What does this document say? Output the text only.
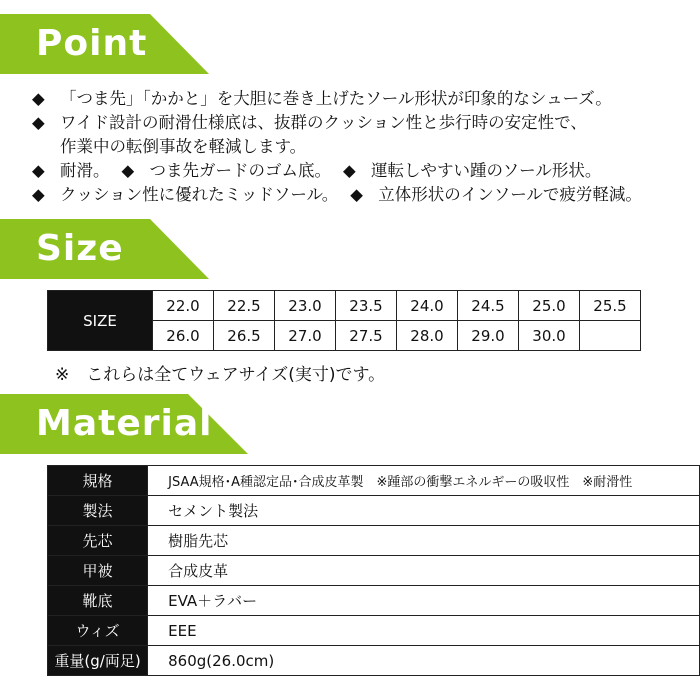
Point
◆ 「つま先」「かかと」を大胆に巻き上げたソール形状が印象的なシューズ。
◆ ワイド設計の耐滑仕様底は、抜群のクッション性と歩行時の安定性で、
作業中の転倒事故を軽減します。
◆ 耐滑。 ◆ つま先ガードのゴム底。 ◆ 運転しやすい踵のソール形状。
◆ クッション性に優れたミッドソール。 ◆ 立体形状のインソールで疲労軽減。
Size
SIZE	22.0	22.5	23.0	23.5	24.0	24.5	25.0	25.5
	26.0	26.5	27.0	27.5	28.0	29.0	30.0	
※　これらは全てウェアサイズ(実寸)です。
Material
規格	JSAA規格･A種認定品･合成皮革製　※踵部の衝撃エネルギーの吸収性　※耐滑性
製法	セメント製法
先芯	樹脂先芯
甲被	合成皮革
靴底	EVA＋ラバー
ウィズ	EEE
重量(g/両足)	860g(26.0cm)
